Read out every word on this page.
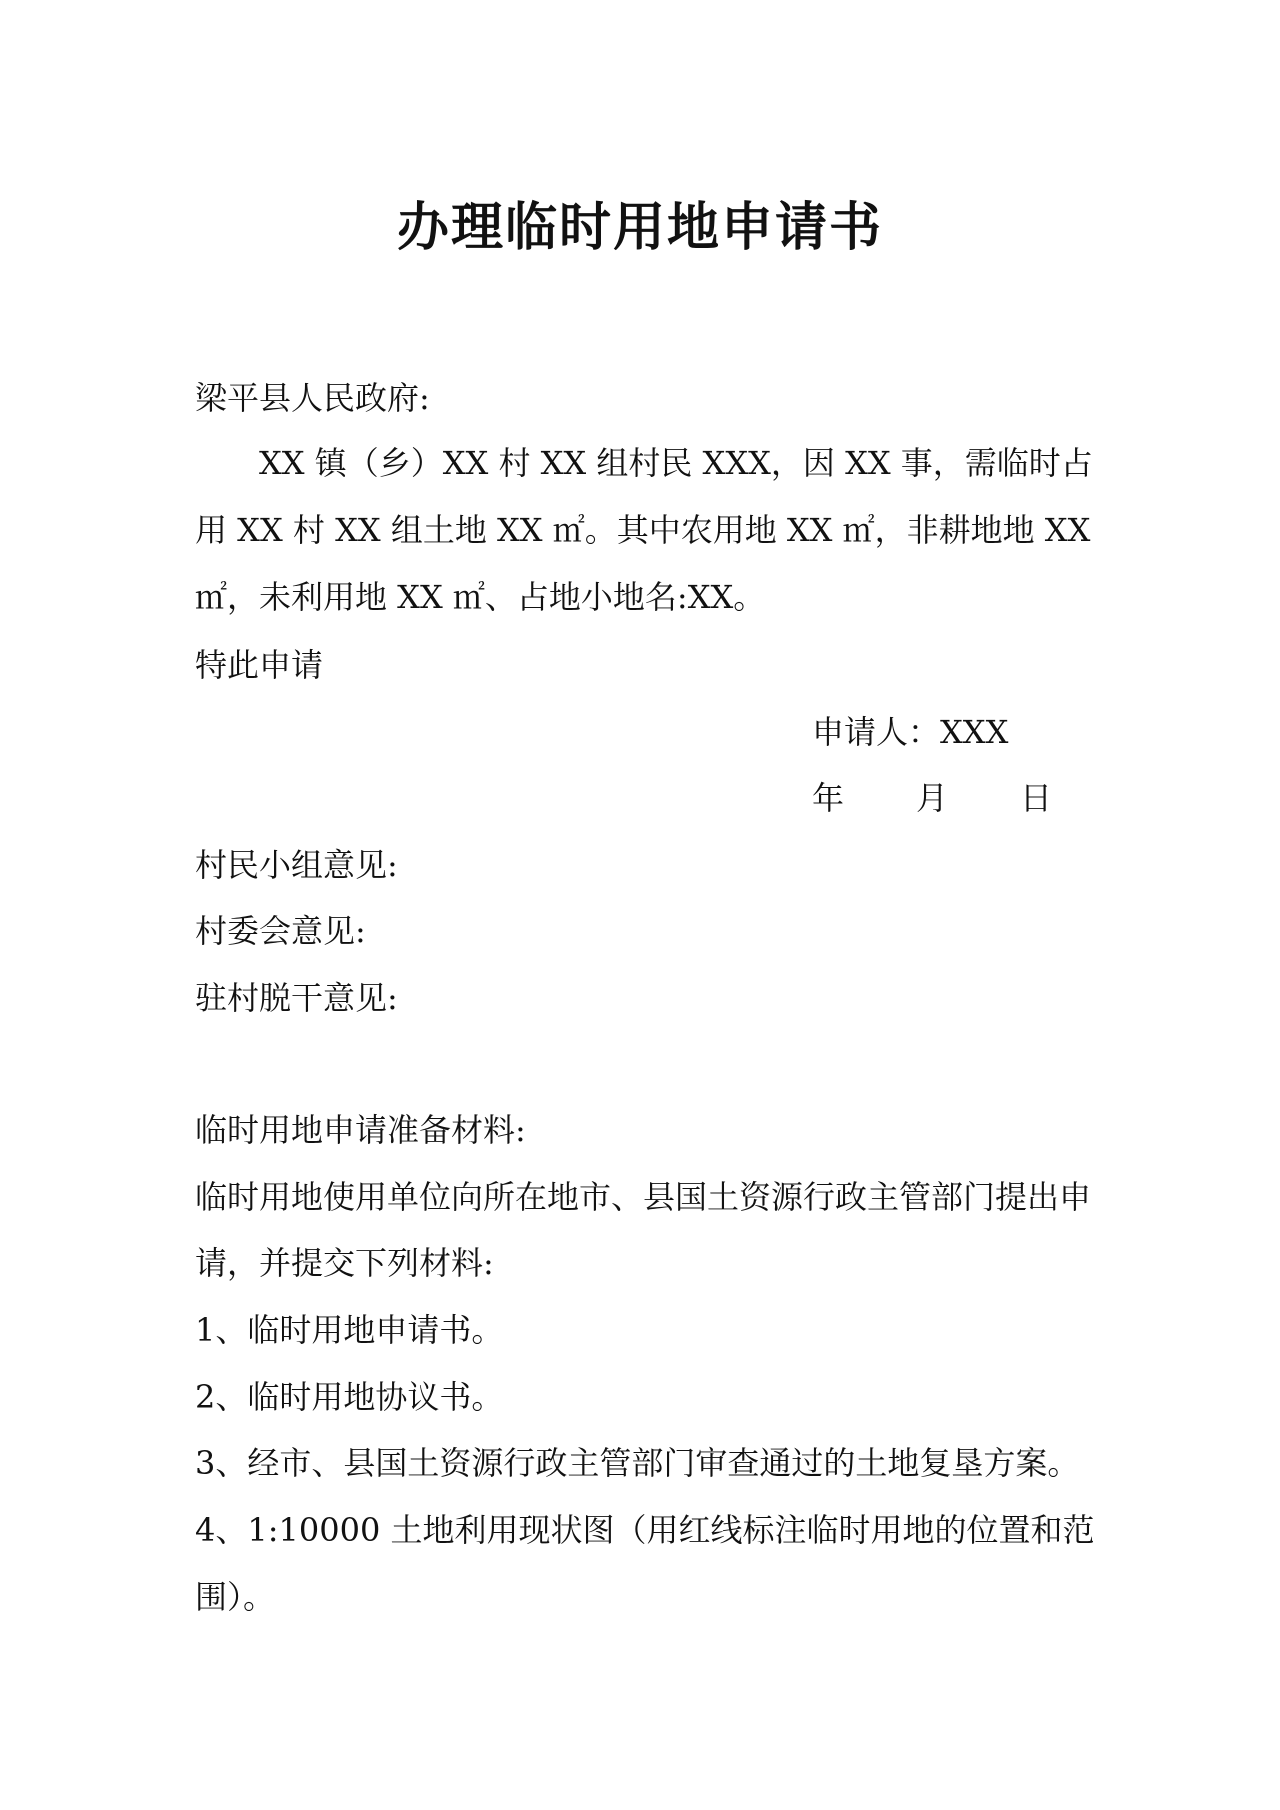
办理临时用地申请书
梁平县人民政府:
XX 镇（乡）XX 村 XX 组村民 XXX，因 XX 事，需临时占
用 XX 村 XX 组土地 XX ㎡。其中农用地 XX ㎡，非耕地地 XX
㎡，未利用地 XX ㎡、占地小地名:XX。
特此申请
申请人：XXX
年 月 日
村民小组意见:
村委会意见:
驻村脱干意见:
临时用地申请准备材料:
临时用地使用单位向所在地市、县国土资源行政主管部门提出申
请，并提交下列材料:
1、临时用地申请书。
2、临时用地协议书。
3、经市、县国土资源行政主管部门审查通过的土地复垦方案。
4、1:10000 土地利用现状图（用红线标注临时用地的位置和范
围）。
